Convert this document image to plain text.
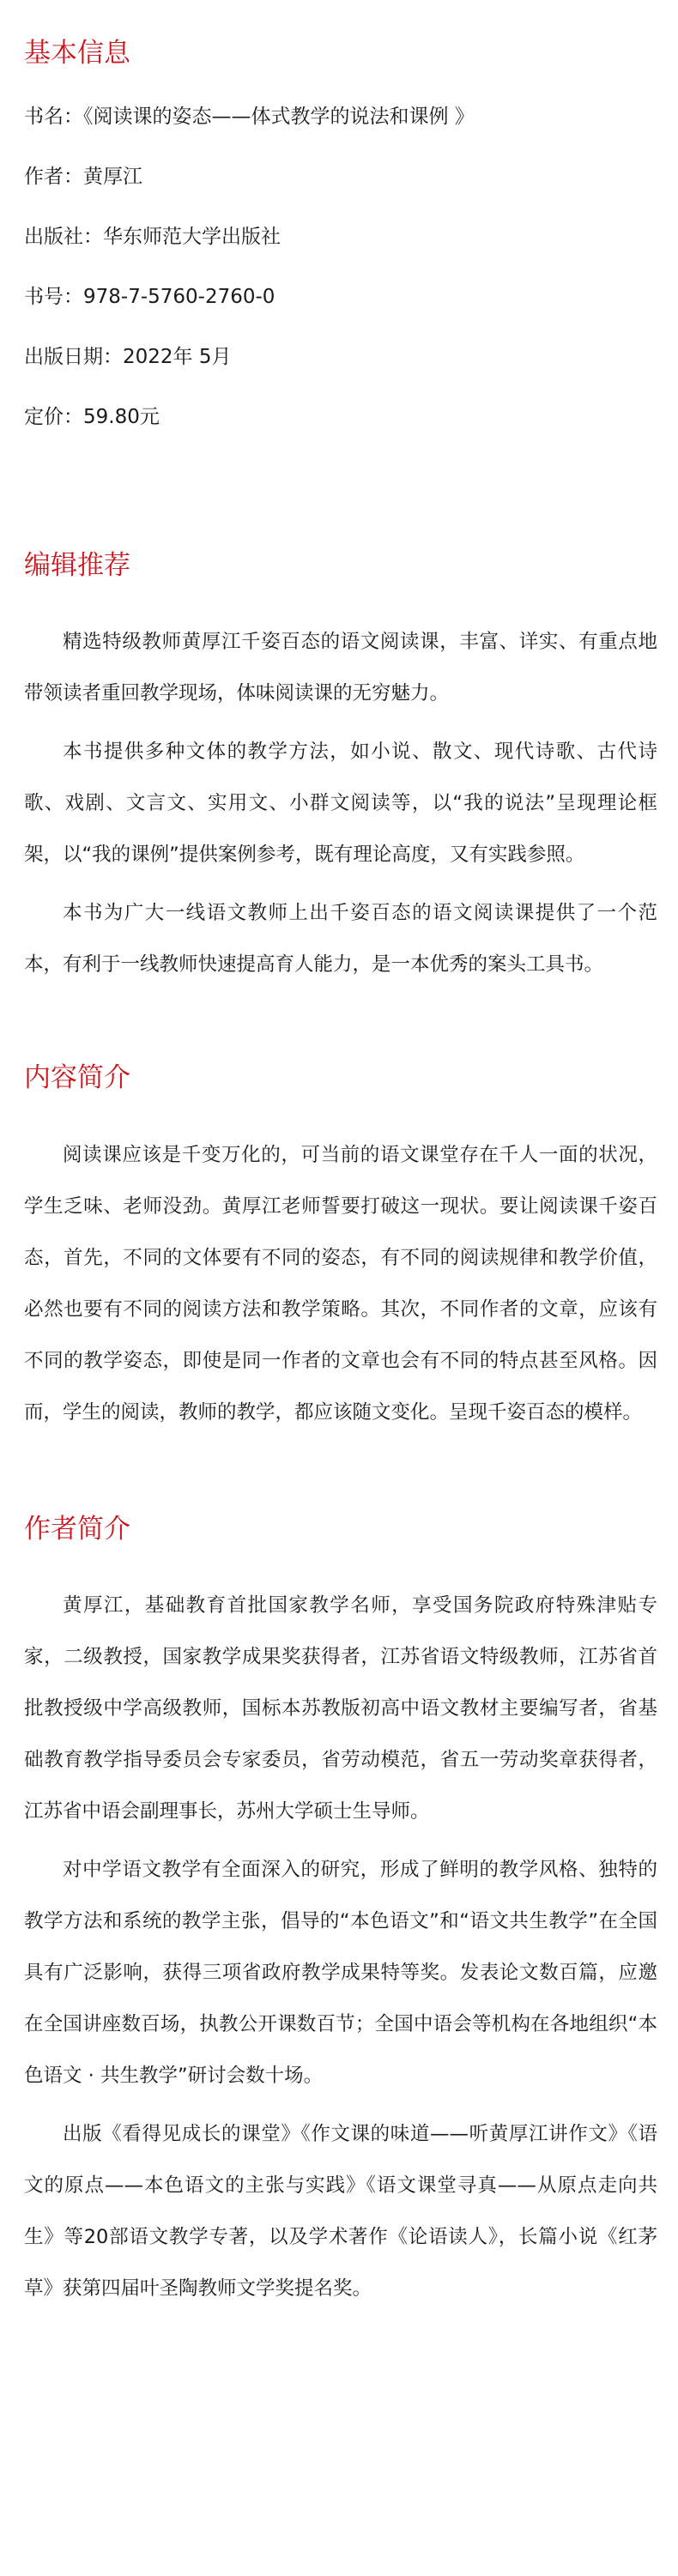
基本信息
书名：《阅读课的姿态——体式教学的说法和课例 》
作者：黄厚江
出版社：华东师范大学出版社
书号：978-7-5760-2760-0
出版日期：2022年 5月
定价：59.80元
编辑推荐

精选特级教师黄厚江千姿百态的语文阅读课，丰富、详实、有重点地带领读者重回教学现场，体味阅读课的无穷魅力。

本书提供多种文体的教学方法，如小说、散文、现代诗歌、古代诗歌、戏剧、文言文、实用文、小群文阅读等，以“我的说法”呈现理论框架，以“我的课例”提供案例参考，既有理论高度，又有实践参照。

本书为广大一线语文教师上出千姿百态的语文阅读课提供了一个范本，有利于一线教师快速提高育人能力，是一本优秀的案头工具书。

内容简介

阅读课应该是千变万化的，可当前的语文课堂存在千人一面的状况，学生乏味、老师没劲。黄厚江老师誓要打破这一现状。要让阅读课千姿百态，首先，不同的文体要有不同的姿态，有不同的阅读规律和教学价值，必然也要有不同的阅读方法和教学策略。其次，不同作者的文章，应该有不同的教学姿态，即使是同一作者的文章也会有不同的特点甚至风格。因而，学生的阅读，教师的教学，都应该随文变化。呈现千姿百态的模样。

作者简介

黄厚江，基础教育首批国家教学名师，享受国务院政府特殊津贴专家，二级教授，国家教学成果奖获得者，江苏省语文特级教师，江苏省首批教授级中学高级教师，国标本苏教版初高中语文教材主要编写者，省基础教育教学指导委员会专家委员，省劳动模范，省五一劳动奖章获得者，江苏省中语会副理事长，苏州大学硕士生导师。

对中学语文教学有全面深入的研究，形成了鲜明的教学风格、独特的教学方法和系统的教学主张，倡导的“本色语文”和“语文共生教学”在全国具有广泛影响，获得三项省政府教学成果特等奖。发表论文数百篇，应邀在全国讲座数百场，执教公开课数百节；全国中语会等机构在各地组织“本色语文 · 共生教学”研讨会数十场。

出版《看得见成长的课堂》《作文课的味道——听黄厚江讲作文》《语文的原点——本色语文的主张与实践》《语文课堂寻真——从原点走向共生》等20部语文教学专著，以及学术著作《论语读人》，长篇小说《红茅草》获第四届叶圣陶教师文学奖提名奖。
